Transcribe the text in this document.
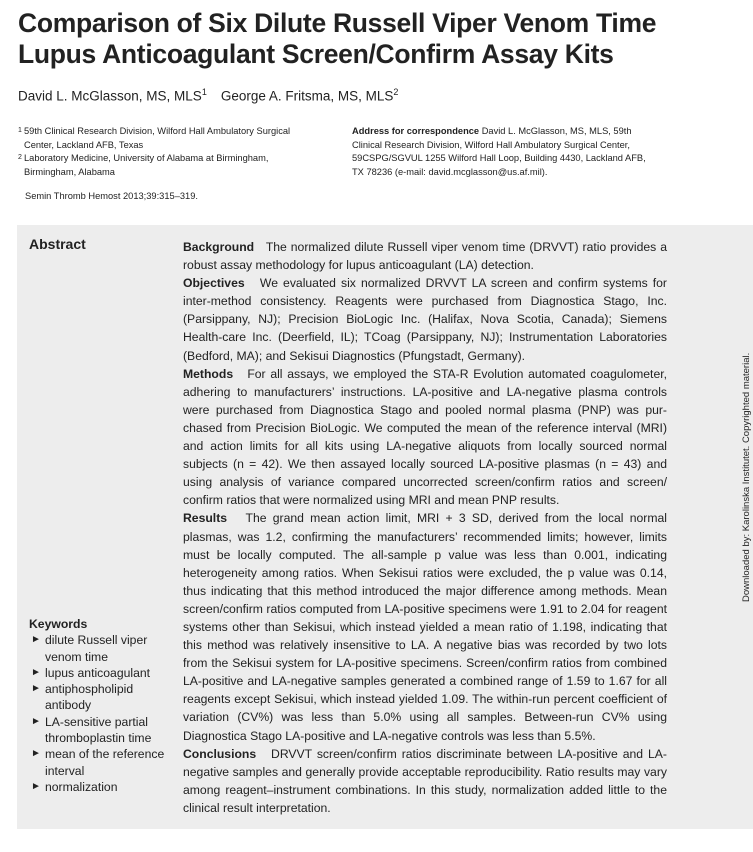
Comparison of Six Dilute Russell Viper Venom Time
Lupus Anticoagulant Screen/Confirm Assay Kits
David L. McGlasson, MS, MLS$^1$ George A. Fritsma, MS, MLS$^2$
1 59th Clinical Research Division, Wilford Hall Ambulatory Surgical
Center, Lackland AFB, Texas
2 Laboratory Medicine, University of Alabama at Birmingham,
Birmingham, Alabama
Address for correspondence David L. McGlasson, MS, MLS, 59th
Clinical Research Division, Wilford Hall Ambulatory Surgical Center,
59CSPG/SGVUL 1255 Wilford Hall Loop, Building 4430, Lackland AFB,
TX 78236 (e-mail: david.mcglasson@us.af.mil).
Semin Thromb Hemost 2013;39:315–319.
Abstract	Background The normalized dilute Russell viper venom time (DRVVT) ratio provides a robust assay methodology for lupus anticoagulant (LA) detection.

Objectives We evaluated six normalized DRVVT LA screen and confirm systems for inter-method consistency. Reagents were purchased from Diagnostica Stago, Inc. (Parsippany, NJ); Precision BioLogic Inc. (Halifax, Nova Scotia, Canada); Siemens Health-care Inc. (Deerfield, IL); TCoag (Parsippany, NJ); Instrumentation Laboratories (Bedford, MA); and Sekisui Diagnostics (Pfungstadt, Germany).

Methods For all assays, we employed the STA-R Evolution automated coagulometer, adhering to manufacturers’ instructions. LA-positive and LA-negative plasma controls were purchased from Diagnostica Stago and pooled normal plasma (PNP) was pur-chased from Precision BioLogic. We computed the mean of the reference interval (MRI) and action limits for all kits using LA-negative aliquots from locally sourced normal subjects (n = 42). We then assayed locally sourced LA-positive plasmas (n = 43) and using analysis of variance compared uncorrected screen/confirm ratios and screen/ confirm ratios that were normalized using MRI and mean PNP results.

Results The grand mean action limit, MRI + 3 SD, derived from the local normal plasmas, was 1.2, confirming the manufacturers’ recommended limits; however, limits must be locally computed. The all-sample p value was less than 0.001, indicating heterogeneity among ratios. When Sekisui ratios were excluded, the p value was 0.14, thus indicating that this method introduced the major difference among methods. Mean screen/confirm ratios computed from LA-positive specimens were 1.91 to 2.04 for reagent systems other than Sekisui, which instead yielded a mean ratio of 1.198, indicating that this method was relatively insensitive to LA. A negative bias was recorded by two lots from the Sekisui system for LA-positive specimens. Screen/confirm ratios from combined LA-positive and LA-negative samples generated a combined range of 1.59 to 1.67 for all reagents except Sekisui, which instead yielded 1.09. The within-run percent coefficient of variation (CV%) was less than 5.0% using all samples. Between-run CV% using Diagnostica Stago LA-positive and LA-negative controls was less than 5.5%.

Conclusions DRVVT screen/confirm ratios discriminate between LA-positive and LA-negative samples and generally provide acceptable reproducibility. Ratio results may vary among reagent–instrument combinations. In this study, normalization added little to the clinical result interpretation.

Keywords
► dilute Russell viper venom time
► lupus anticoagulant
► antiphospholipid antibody
► LA-sensitive partial thromboplastin time
► mean of the reference interval
► normalization
Downloaded by: Karolinska Institutet. Copyrighted material.
